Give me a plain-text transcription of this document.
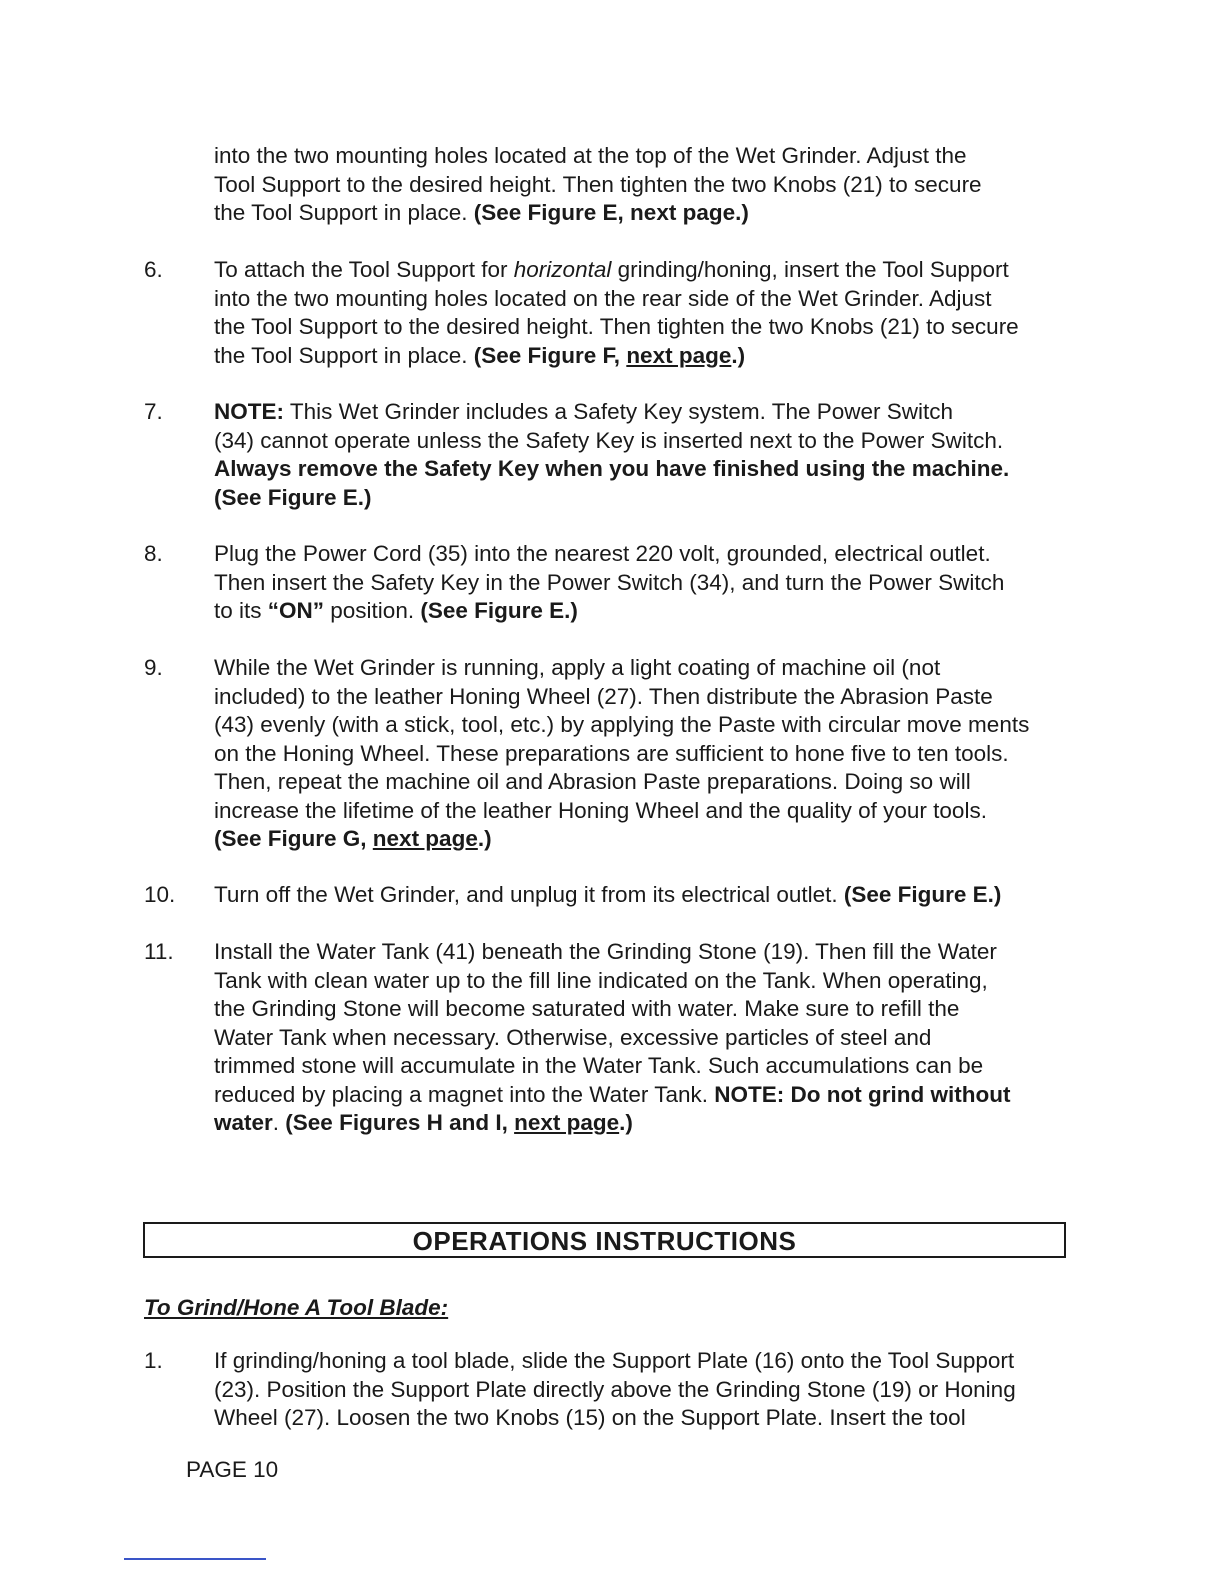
into the two mounting holes located at the top of the Wet Grinder. Adjust the
Tool Support to the desired height. Then tighten the two Knobs (21) to secure
the Tool Support in place. (See Figure E, next page.)
6.	To attach the Tool Support for horizontal grinding/honing, insert the Tool Support
into the two mounting holes located on the rear side of the Wet Grinder. Adjust
the Tool Support to the desired height. Then tighten the two Knobs (21) to secure
the Tool Support in place. (See Figure F, next page.)
7.	NOTE: This Wet Grinder includes a Safety Key system. The Power Switch
(34) cannot operate unless the Safety Key is inserted next to the Power Switch.
Always remove the Safety Key when you have finished using the machine.
(See Figure E.)
8.	Plug the Power Cord (35) into the nearest 220 volt, grounded, electrical outlet.
Then insert the Safety Key in the Power Switch (34), and turn the Power Switch
to its “ON” position. (See Figure E.)
9.	While the Wet Grinder is running, apply a light coating of machine oil (not
included) to the leather Honing Wheel (27). Then distribute the Abrasion Paste
(43) evenly (with a stick, tool, etc.) by applying the Paste with circular move ments
on the Honing Wheel. These preparations are sufficient to hone five to ten tools.
Then, repeat the machine oil and Abrasion Paste preparations. Doing so will
increase the lifetime of the leather Honing Wheel and the quality of your tools.
(See Figure G, next page.)
10.	Turn off the Wet Grinder, and unplug it from its electrical outlet. (See Figure E.)
11.	Install the Water Tank (41) beneath the Grinding Stone (19). Then fill the Water
Tank with clean water up to the fill line indicated on the Tank. When operating,
the Grinding Stone will become saturated with water. Make sure to refill the
Water Tank when necessary. Otherwise, excessive particles of steel and
trimmed stone will accumulate in the Water Tank. Such accumulations can be
reduced by placing a magnet into the Water Tank. NOTE: Do not grind without
water. (See Figures H and I, next page.)
OPERATIONS INSTRUCTIONS
To Grind/Hone A Tool Blade:
1.	If grinding/honing a tool blade, slide the Support Plate (16) onto the Tool Support
(23). Position the Support Plate directly above the Grinding Stone (19) or Honing
Wheel (27). Loosen the two Knobs (15) on the Support Plate. Insert the tool
PAGE 10
